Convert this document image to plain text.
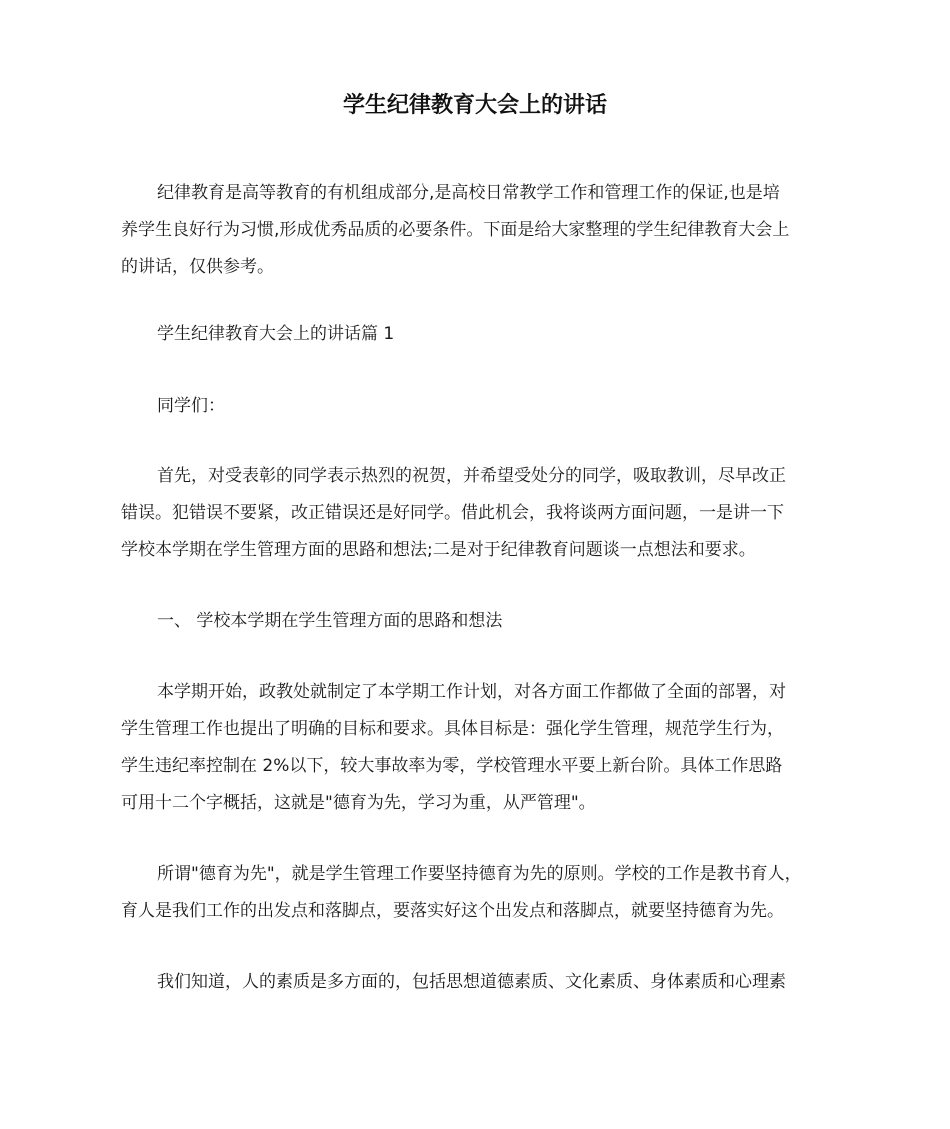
学生纪律教育大会上的讲话

纪律教育是高等教育的有机组成部分,是高校日常教学工作和管理工作的保证,也是培
养学生良好行为习惯,形成优秀品质的必要条件。下面是给大家整理的学生纪律教育大会上
的讲话，仅供参考。

学生纪律教育大会上的讲话篇 1

同学们：

首先，对受表彰的同学表示热烈的祝贺，并希望受处分的同学，吸取教训，尽早改正
错误。犯错误不要紧，改正错误还是好同学。借此机会，我将谈两方面问题，一是讲一下
学校本学期在学生管理方面的思路和想法;二是对于纪律教育问题谈一点想法和要求。

一、 学校本学期在学生管理方面的思路和想法

本学期开始，政教处就制定了本学期工作计划，对各方面工作都做了全面的部署，对
学生管理工作也提出了明确的目标和要求。具体目标是：强化学生管理，规范学生行为，
学生违纪率控制在 2%以下，较大事故率为零，学校管理水平要上新台阶。具体工作思路
可用十二个字概括，这就是"德育为先，学习为重，从严管理"。

所谓"德育为先"，就是学生管理工作要坚持德育为先的原则。学校的工作是教书育人，
育人是我们工作的出发点和落脚点，要落实好这个出发点和落脚点，就要坚持德育为先。

我们知道，人的素质是多方面的，包括思想道德素质、文化素质、身体素质和心理素
